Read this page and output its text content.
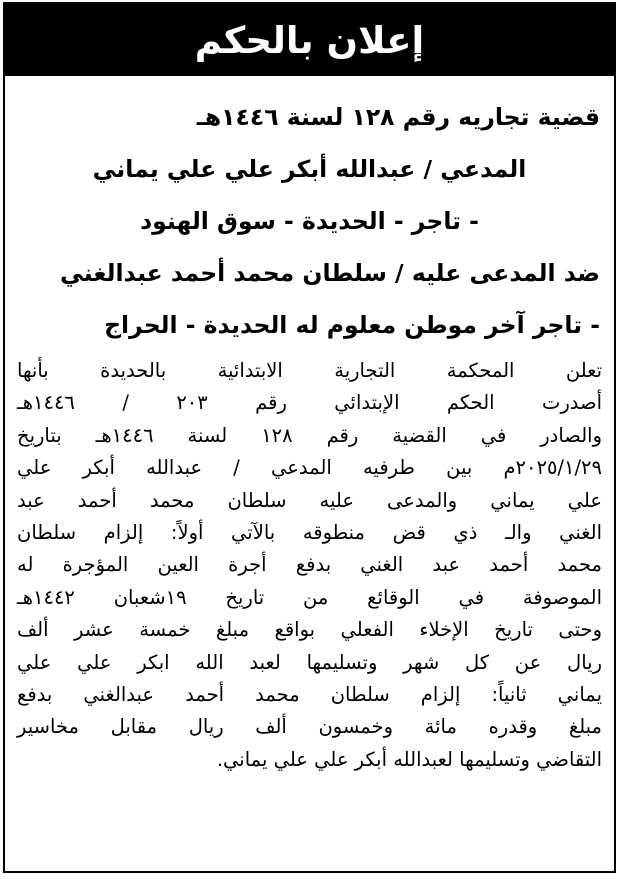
إعلان بالحكم
قضية تجاريه رقم ١٢٨ لسنة ١٤٤٦هـ
المدعي / عبدالله أبكر علي علي يماني
- تاجر - الحديدة - سوق الهنود
ضد المدعى عليه / سلطان محمد أحمد عبدالغني
- تاجر آخر موطن معلوم له الحديدة - الحراج
تعلن المحكمة التجارية الابتدائية بالحديدة بأنها
أصدرت الحكم الإبتدائي رقم ٢٠٣ / ١٤٤٦هـ
والصادر في القضية رقم ١٢٨ لسنة ١٤٤٦هـ بتاريخ
٢٠٢٥/١/٢٩م بين طرفيه المدعي / عبدالله أبكر علي
علي يماني والمدعى عليه سلطان محمد أحمد عبد
الغني والـ ذي قض منطوقه بالآتي أولاً: إلزام سلطان
محمد أحمد عبد الغني بدفع أجرة العين المؤجرة له
الموصوفة في الوقائع من تاريخ ١٩شعبان ١٤٤٢هـ
وحتى تاريخ الإخلاء الفعلي بواقع مبلغ خمسة عشر ألف
ريال عن كل شهر وتسليمها لعبد الله ابكر علي علي
يماني ثانياً: إلزام سلطان محمد أحمد عبدالغني بدفع
مبلغ وقدره مائة وخمسون ألف ريال مقابل مخاسير
التقاضي وتسليمها لعبدالله أبكر علي علي يماني.
